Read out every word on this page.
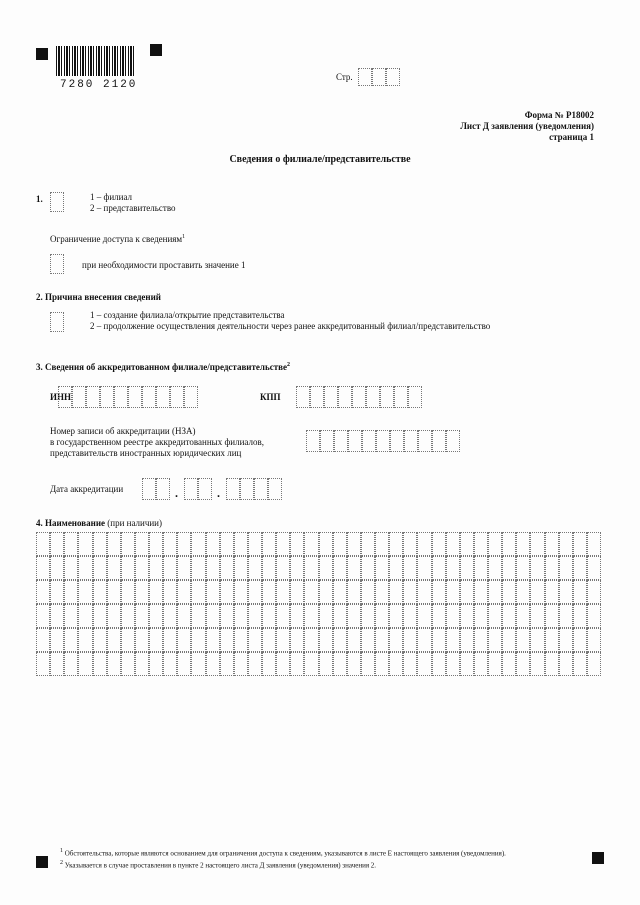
7280 2120
Стр.
Форма № Р18002
Лист Д заявления (уведомления)
страница 1
Сведения о филиале/представительстве
1.	1 – филиал
2 – представительство
Ограничение доступа к сведениям$^1$
при необходимости проставить значение 1
2. Причина внесения сведений
1 – создание филиала/открытие представительства
2 – продолжение осуществления деятельности через ранее аккредитованный филиал/представительство
3. Сведения об аккредитованном филиале/представительстве$^2$
ИНН	КПП
Номер записи об аккредитации (НЗА)
в государственном реестре аккредитованных филиалов,
представительств иностранных юридических лиц
Дата аккредитации	.	.
4. Наименование (при наличии)
$^1$ Обстоятельства, которые являются основанием для ограничения доступа к сведениям, указываются в листе Е настоящего заявления (уведомления).
$^2$ Указывается в случае проставления в пункте 2 настоящего листа Д заявления (уведомления) значения 2.
